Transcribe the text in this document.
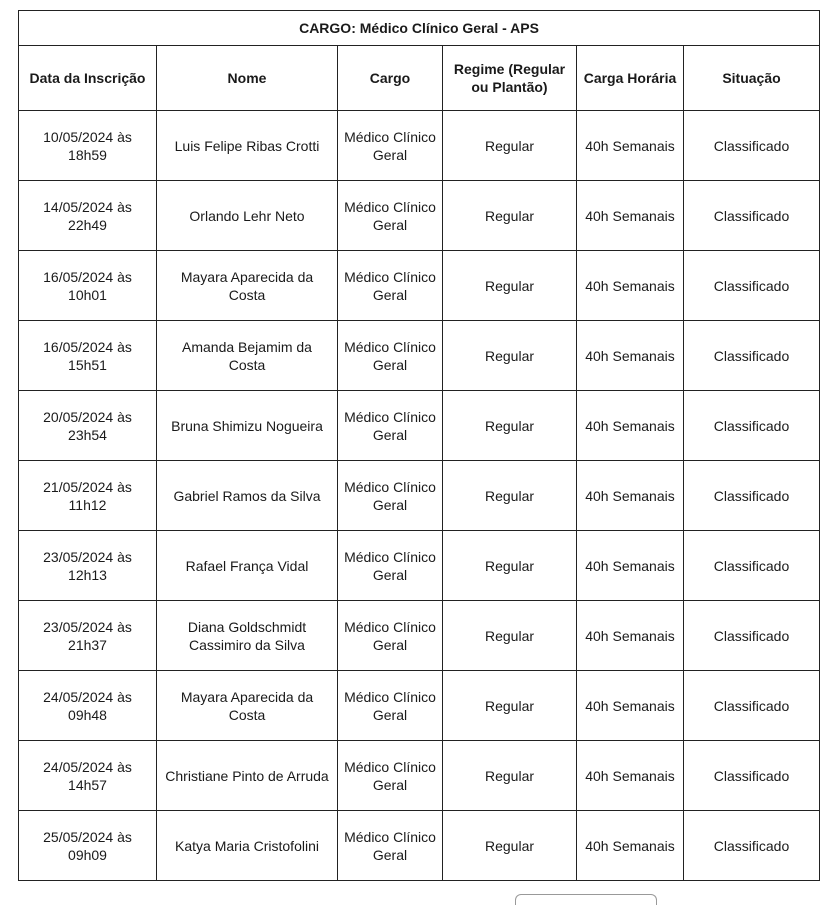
CARGO: Médico Clínico Geral - APS					
Data da Inscrição	Nome	Cargo	Regime (Regular ou Plantão)	Carga Horária	Situação
10/05/2024 às 18h59	Luis Felipe Ribas Crotti	Médico Clínico Geral	Regular	40h Semanais	Classificado
14/05/2024 às 22h49	Orlando Lehr Neto	Médico Clínico Geral	Regular	40h Semanais	Classificado
16/05/2024 às 10h01	Mayara Aparecida da Costa	Médico Clínico Geral	Regular	40h Semanais	Classificado
16/05/2024 às 15h51	Amanda Bejamim da Costa	Médico Clínico Geral	Regular	40h Semanais	Classificado
20/05/2024 às 23h54	Bruna Shimizu Nogueira	Médico Clínico Geral	Regular	40h Semanais	Classificado
21/05/2024 às 11h12	Gabriel Ramos da Silva	Médico Clínico Geral	Regular	40h Semanais	Classificado
23/05/2024 às 12h13	Rafael França Vidal	Médico Clínico Geral	Regular	40h Semanais	Classificado
23/05/2024 às 21h37	Diana Goldschmidt Cassimiro da Silva	Médico Clínico Geral	Regular	40h Semanais	Classificado
24/05/2024 às 09h48	Mayara Aparecida da Costa	Médico Clínico Geral	Regular	40h Semanais	Classificado
24/05/2024 às 14h57	Christiane Pinto de Arruda	Médico Clínico Geral	Regular	40h Semanais	Classificado
25/05/2024 às 09h09	Katya Maria Cristofolini	Médico Clínico Geral	Regular	40h Semanais	Classificado
